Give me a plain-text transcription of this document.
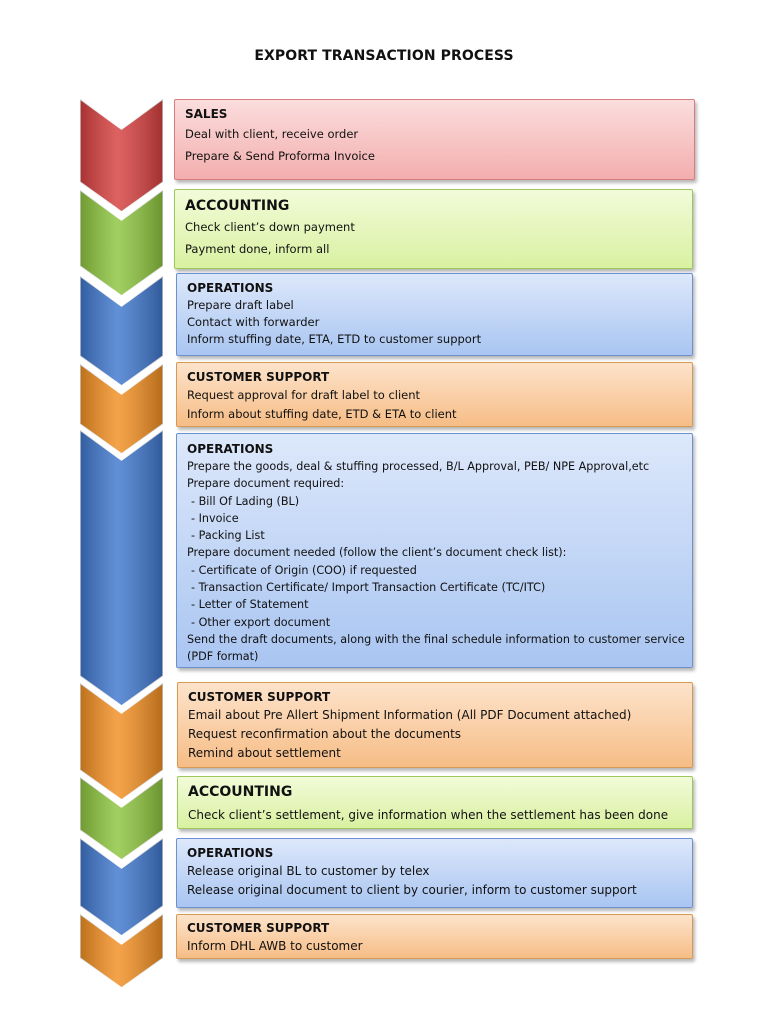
EXPORT TRANSACTION PROCESS
SALES
Deal with client, receive order
Prepare & Send Proforma Invoice
ACCOUNTING
Check client’s down payment
Payment done, inform all
OPERATIONS
Prepare draft label
Contact with forwarder
Inform stuffing date, ETA, ETD to customer support
CUSTOMER SUPPORT
Request approval for draft label to client
Inform about stuffing date, ETD & ETA to client
OPERATIONS
Prepare the goods, deal & stuffing processed, B/L Approval, PEB/ NPE Approval,etc
Prepare document required:
- Bill Of Lading (BL)
- Invoice
- Packing List
Prepare document needed (follow the client’s document check list):
- Certificate of Origin (COO) if requested
- Transaction Certificate/ Import Transaction Certificate (TC/ITC)
- Letter of Statement
- Other export document
Send the draft documents, along with the final schedule information to customer service
(PDF format)
CUSTOMER SUPPORT
Email about Pre Allert Shipment Information (All PDF Document attached)
Request reconfirmation about the documents
Remind about settlement
ACCOUNTING
Check client’s settlement, give information when the settlement has been done
OPERATIONS
Release original BL to customer by telex
Release original document to client by courier, inform to customer support
CUSTOMER SUPPORT
Inform DHL AWB to customer
